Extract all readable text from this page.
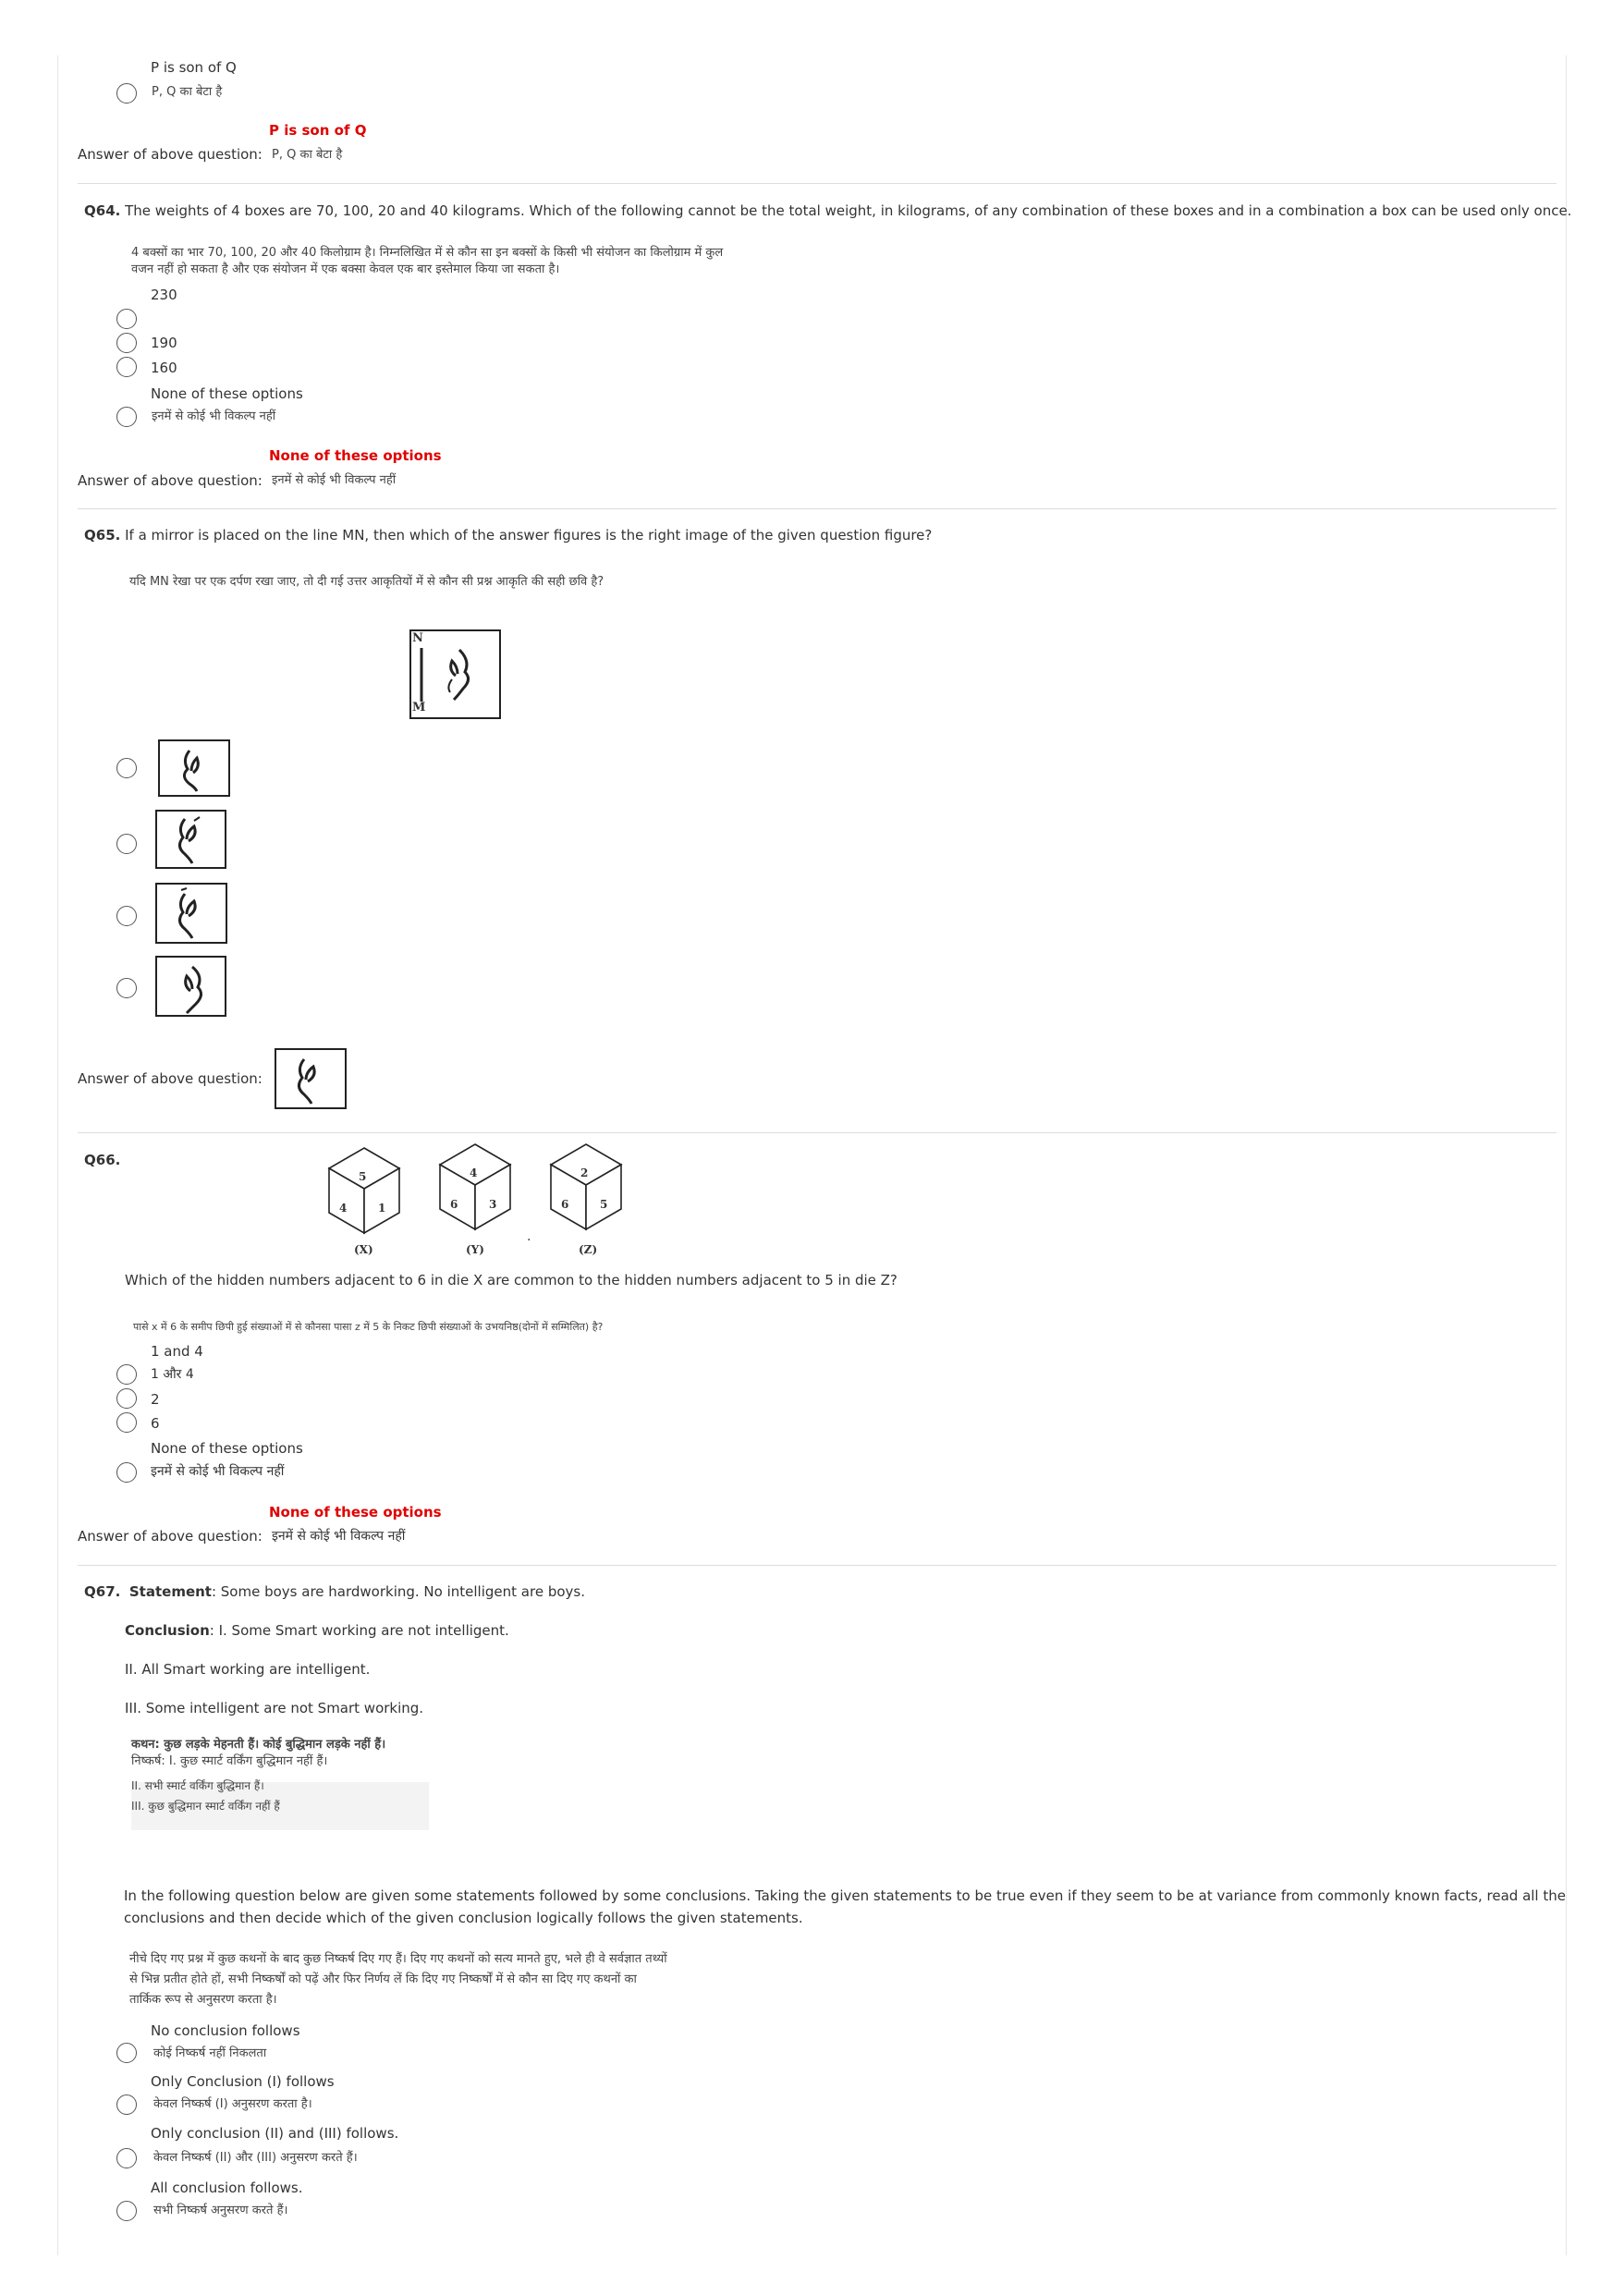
P is son of Q
P, Q का बेटा है
P is son of Q
Answer of above question: P, Q का बेटा है
Q64. The weights of 4 boxes are 70, 100, 20 and 40 kilograms. Which of the following cannot be the total weight, in kilograms, of any combination of these boxes and in a combination a box can be used only once.
4 बक्सों का भार 70, 100, 20 और 40 किलोग्राम है। निम्नलिखित में से कौन सा इन बक्सों के किसी भी संयोजन का किलोग्राम में कुल
वजन नहीं हो सकता है और एक संयोजन में एक बक्सा केवल एक बार इस्तेमाल किया जा सकता है।
230
190
160
None of these options
इनमें से कोई भी विकल्प नहीं
None of these options
Answer of above question: इनमें से कोई भी विकल्प नहीं
Q65. If a mirror is placed on the line MN, then which of the answer figures is the right image of the given question figure?
यदि MN रेखा पर एक दर्पण रखा जाए, तो दी गई उत्तर आकृतियों में से कौन सी प्रश्न आकृति की सही छवि है?
N
M
Answer of above question:
Q66.
5
4	1
(X)
4
6	3
(Y)
·
2
6	5
(Z)
Which of the hidden numbers adjacent to 6 in die X are common to the hidden numbers adjacent to 5 in die Z?
पासे x में 6 के समीप छिपी हुई संख्याओं में से कौनसा पासा z में 5 के निकट छिपी संख्याओं के उभयनिष्ठ(दोनों में सम्मिलित) है?
1 and 4
1 और 4
2
6
None of these options
इनमें से कोई भी विकल्प नहीं
None of these options
Answer of above question: इनमें से कोई भी विकल्प नहीं
Q67. Statement: Some boys are hardworking. No intelligent are boys.
Conclusion: I. Some Smart working are not intelligent.
II. All Smart working are intelligent.
III. Some intelligent are not Smart working.
कथन: कुछ लड़के मेहनती हैं। कोई बुद्धिमान लड़के नहीं हैं।
निष्कर्ष: I. कुछ स्मार्ट वर्किंग बुद्धिमान नहीं हैं।
II. सभी स्मार्ट वर्किंग बुद्धिमान हैं।
III. कुछ बुद्धिमान स्मार्ट वर्किंग नहीं हैं
In the following question below are given some statements followed by some conclusions. Taking the given statements to be true even if they seem to be at variance from commonly known facts, read all the
conclusions and then decide which of the given conclusion logically follows the given statements.
नीचे दिए गए प्रश्न में कुछ कथनों के बाद कुछ निष्कर्ष दिए गए हैं। दिए गए कथनों को सत्य मानते हुए, भले ही वे सर्वज्ञात तथ्यों
से भिन्न प्रतीत होते हों, सभी निष्कर्षों को पढ़ें और फिर निर्णय लें कि दिए गए निष्कर्षों में से कौन सा दिए गए कथनों का
तार्किक रूप से अनुसरण करता है।
No conclusion follows
कोई निष्कर्ष नहीं निकलता
Only Conclusion (I) follows
केवल निष्कर्ष (I) अनुसरण करता है।
Only conclusion (II) and (III) follows.
केवल निष्कर्ष (II) और (III) अनुसरण करते हैं।
All conclusion follows.
सभी निष्कर्ष अनुसरण करते हैं।
